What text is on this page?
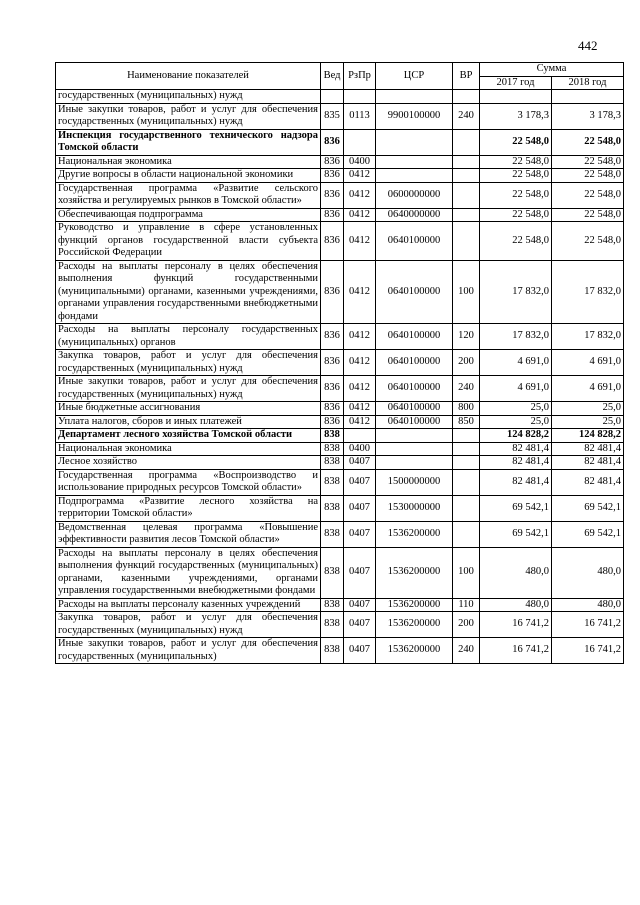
442
Наименование показателей	Вед	РзПр	ЦСР	ВР	Сумма	
					2017 год	2018 год
государственных (муниципальных) нужд						
Иные закупки товаров, работ и услуг для обеспечения государственных (муниципальных) нужд	835	0113	9900100000	240	3 178,3	3 178,3
Инспекция государственного технического надзора Томской области	836				22 548,0	22 548,0
Национальная экономика	836	0400			22 548,0	22 548,0
Другие вопросы в области национальной экономики	836	0412			22 548,0	22 548,0
Государственная программа «Развитие сельского хозяйства и регулируемых рынков в Томской области»	836	0412	0600000000		22 548,0	22 548,0
Обеспечивающая подпрограмма	836	0412	0640000000		22 548,0	22 548,0
Руководство и управление в сфере установленных функций органов государственной власти субъекта Российской Федерации	836	0412	0640100000		22 548,0	22 548,0
Расходы на выплаты персоналу в целях обеспечения выполнения функций государственными (муниципальными) органами, казенными учреждениями, органами управления государственными внебюджетными фондами	836	0412	0640100000	100	17 832,0	17 832,0
Расходы на выплаты персоналу государственных (муниципальных) органов	836	0412	0640100000	120	17 832,0	17 832,0
Закупка товаров, работ и услуг для обеспечения государственных (муниципальных) нужд	836	0412	0640100000	200	4 691,0	4 691,0
Иные закупки товаров, работ и услуг для обеспечения государственных (муниципальных) нужд	836	0412	0640100000	240	4 691,0	4 691,0
Иные бюджетные ассигнования	836	0412	0640100000	800	25,0	25,0
Уплата налогов, сборов и иных платежей	836	0412	0640100000	850	25,0	25,0
Департамент лесного хозяйства Томской области	838				124 828,2	124 828,2
Национальная экономика	838	0400			82 481,4	82 481,4
Лесное хозяйство	838	0407			82 481,4	82 481,4
Государственная программа «Воспроизводство и использование природных ресурсов Томской области»	838	0407	1500000000		82 481,4	82 481,4
Подпрограмма «Развитие лесного хозяйства на территории Томской области»	838	0407	1530000000		69 542,1	69 542,1
Ведомственная целевая программа «Повышение эффективности развития лесов Томской области»	838	0407	1536200000		69 542,1	69 542,1
Расходы на выплаты персоналу в целях обеспечения выполнения функций государственных (муниципальных) органами, казенными учреждениями, органами управления государственными внебюджетными фондами	838	0407	1536200000	100	480,0	480,0
Расходы на выплаты персоналу казенных учреждений	838	0407	1536200000	110	480,0	480,0
Закупка товаров, работ и услуг для обеспечения государственных (муниципальных) нужд	838	0407	1536200000	200	16 741,2	16 741,2
Иные закупки товаров, работ и услуг для обеспечения государственных (муниципальных)	838	0407	1536200000	240	16 741,2	16 741,2
